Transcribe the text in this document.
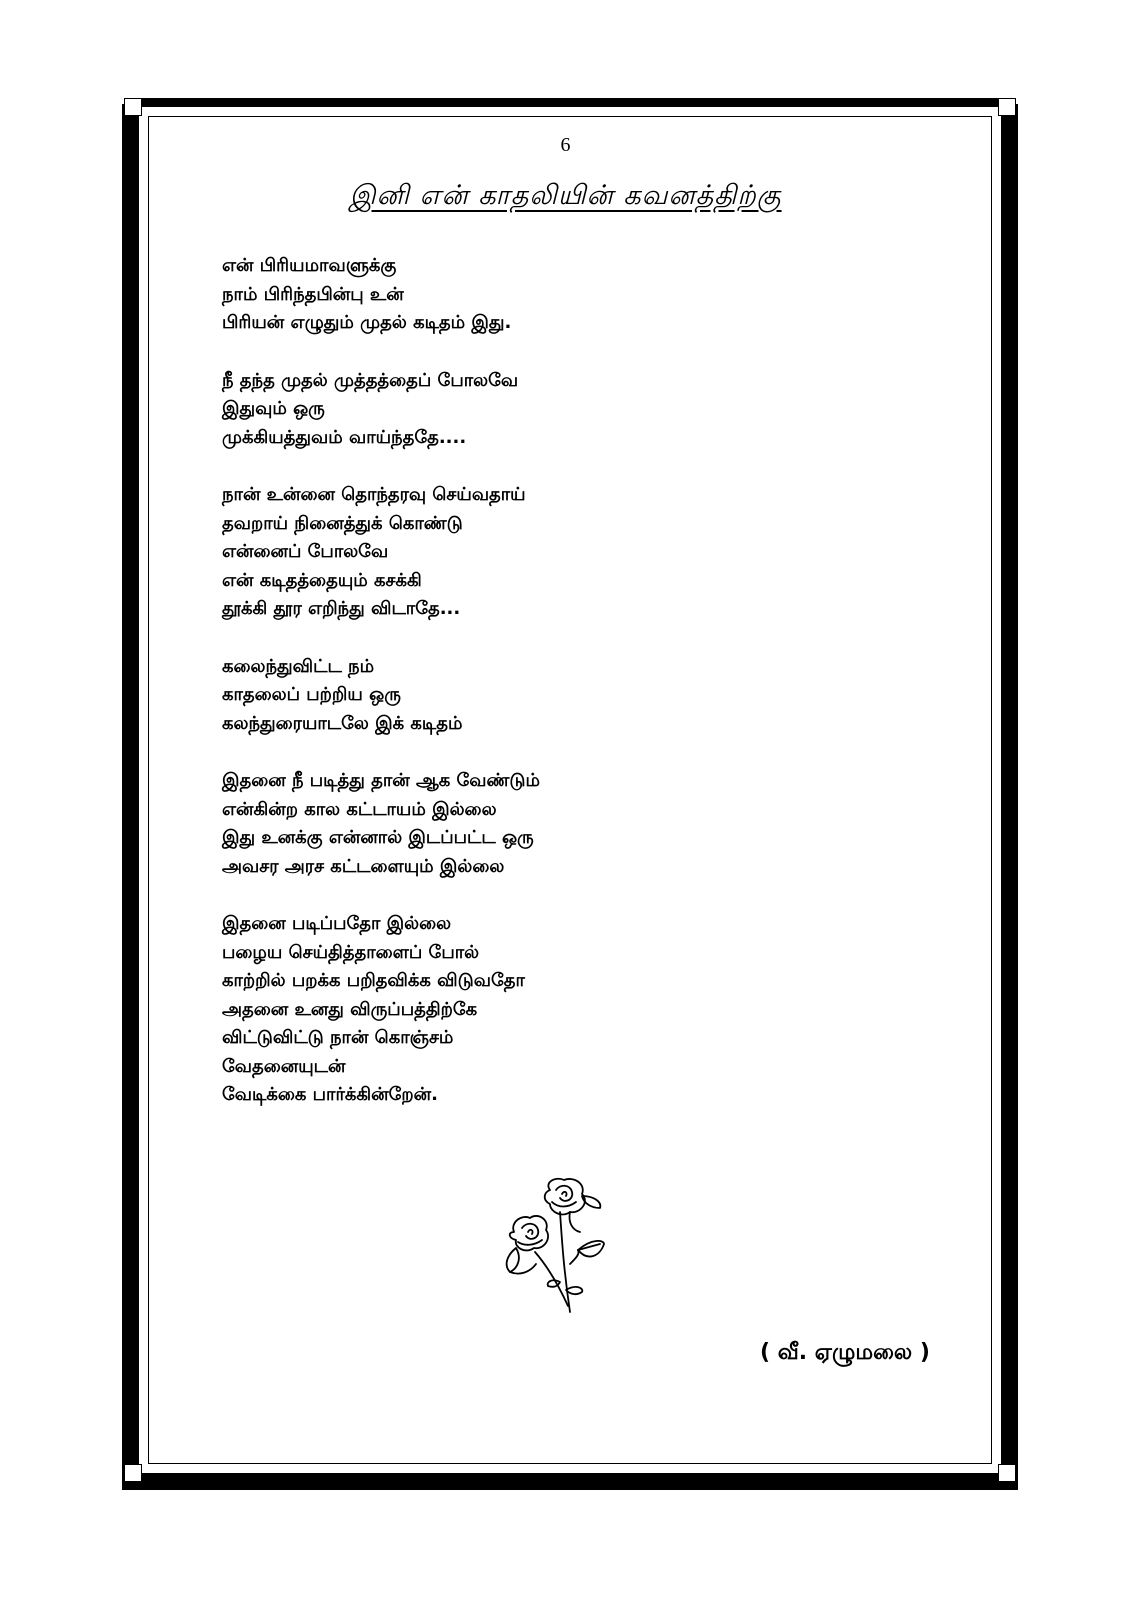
6
இனி என் காதலியின் கவனத்திற்கு
என் பிரியமாவளுக்கு
நாம் பிரிந்தபின்பு உன்
பிரியன் எழுதும் முதல் கடிதம் இது.
நீ தந்த முதல் முத்தத்தைப் போலவே
இதுவும் ஒரு
முக்கியத்துவம் வாய்ந்ததே....
நான் உன்னை தொந்தரவு செய்வதாய்
தவறாய் நினைத்துக் கொண்டு
என்னைப் போலவே
என் கடிதத்தையும் கசக்கி
தூக்கி தூர எறிந்து விடாதே...
கலைந்துவிட்ட நம்
காதலைப் பற்றிய ஒரு
கலந்துரையாடலே இக் கடிதம்
இதனை நீ படித்து தான் ஆக வேண்டும்
என்கின்ற கால கட்டாயம் இல்லை
இது உனக்கு என்னால் இடப்பட்ட ஒரு
அவசர அரச கட்டளையும் இல்லை
இதனை படிப்பதோ இல்லை
பழைய செய்தித்தாளைப் போல்
காற்றில் பறக்க பறிதவிக்க விடுவதோ
அதனை உனது விருப்பத்திற்கே
விட்டுவிட்டு நான் கொஞ்சம்
வேதனையுடன்
வேடிக்கை பார்க்கின்றேன்.
( வீ. ஏழுமலை )
